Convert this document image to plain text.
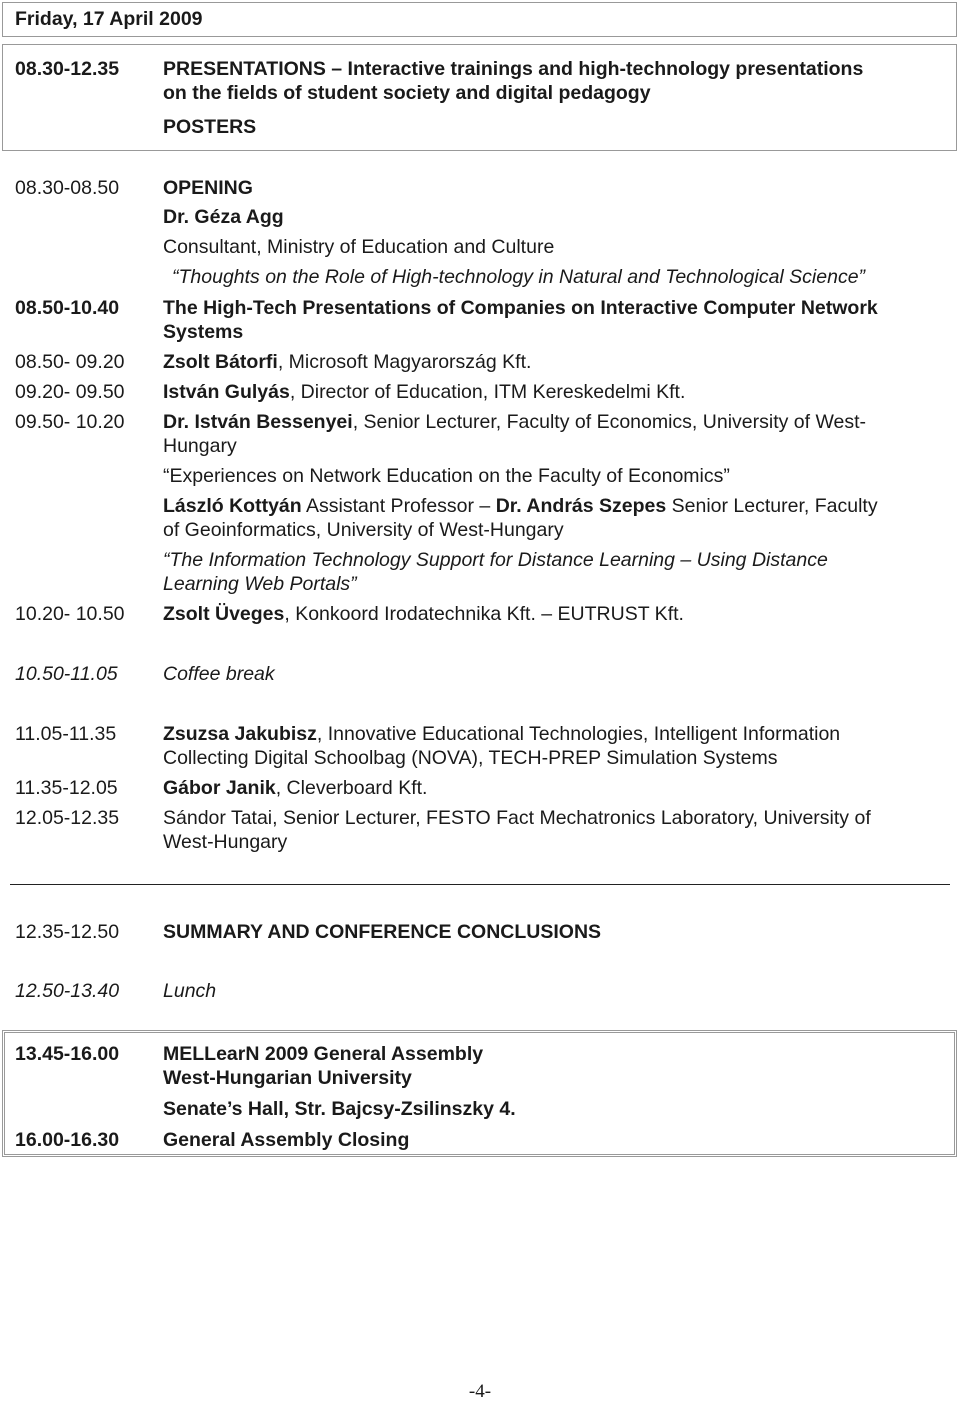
Friday, 17 April 2009
08.30-12.35 PRESENTATIONS – Interactive trainings and high-technology presentations
on the fields of student society and digital pedagogy
POSTERS
08.30-08.50 OPENING
Dr. Géza Agg
Consultant, Ministry of Education and Culture
“Thoughts on the Role of High-technology in Natural and Technological Science”
08.50-10.40 The High-Tech Presentations of Companies on Interactive Computer Network
Systems
08.50- 09.20 Zsolt Bátorfi, Microsoft Magyarország Kft.
09.20- 09.50 István Gulyás, Director of Education, ITM Kereskedelmi Kft.
09.50- 10.20 Dr. István Bessenyei, Senior Lecturer, Faculty of Economics, University of West-
Hungary
“Experiences on Network Education on the Faculty of Economics”
László Kottyán Assistant Professor – Dr. András Szepes Senior Lecturer, Faculty
of Geoinformatics, University of West-Hungary
“The Information Technology Support for Distance Learning – Using Distance
Learning Web Portals”
10.20- 10.50 Zsolt Üveges, Konkoord Irodatechnika Kft. – EUTRUST Kft.
10.50-11.05 Coffee break
11.05-11.35 Zsuzsa Jakubisz, Innovative Educational Technologies, Intelligent Information
Collecting Digital Schoolbag (NOVA), TECH-PREP Simulation Systems
11.35-12.05 Gábor Janik, Cleverboard Kft.
12.05-12.35 Sándor Tatai, Senior Lecturer, FESTO Fact Mechatronics Laboratory, University of
West-Hungary
12.35-12.50 SUMMARY AND CONFERENCE CONCLUSIONS
12.50-13.40 Lunch
13.45-16.00 MELLearN 2009 General Assembly
West-Hungarian University
Senate’s Hall, Str. Bajcsy-Zsilinszky 4.
16.00-16.30 General Assembly Closing
-4-
